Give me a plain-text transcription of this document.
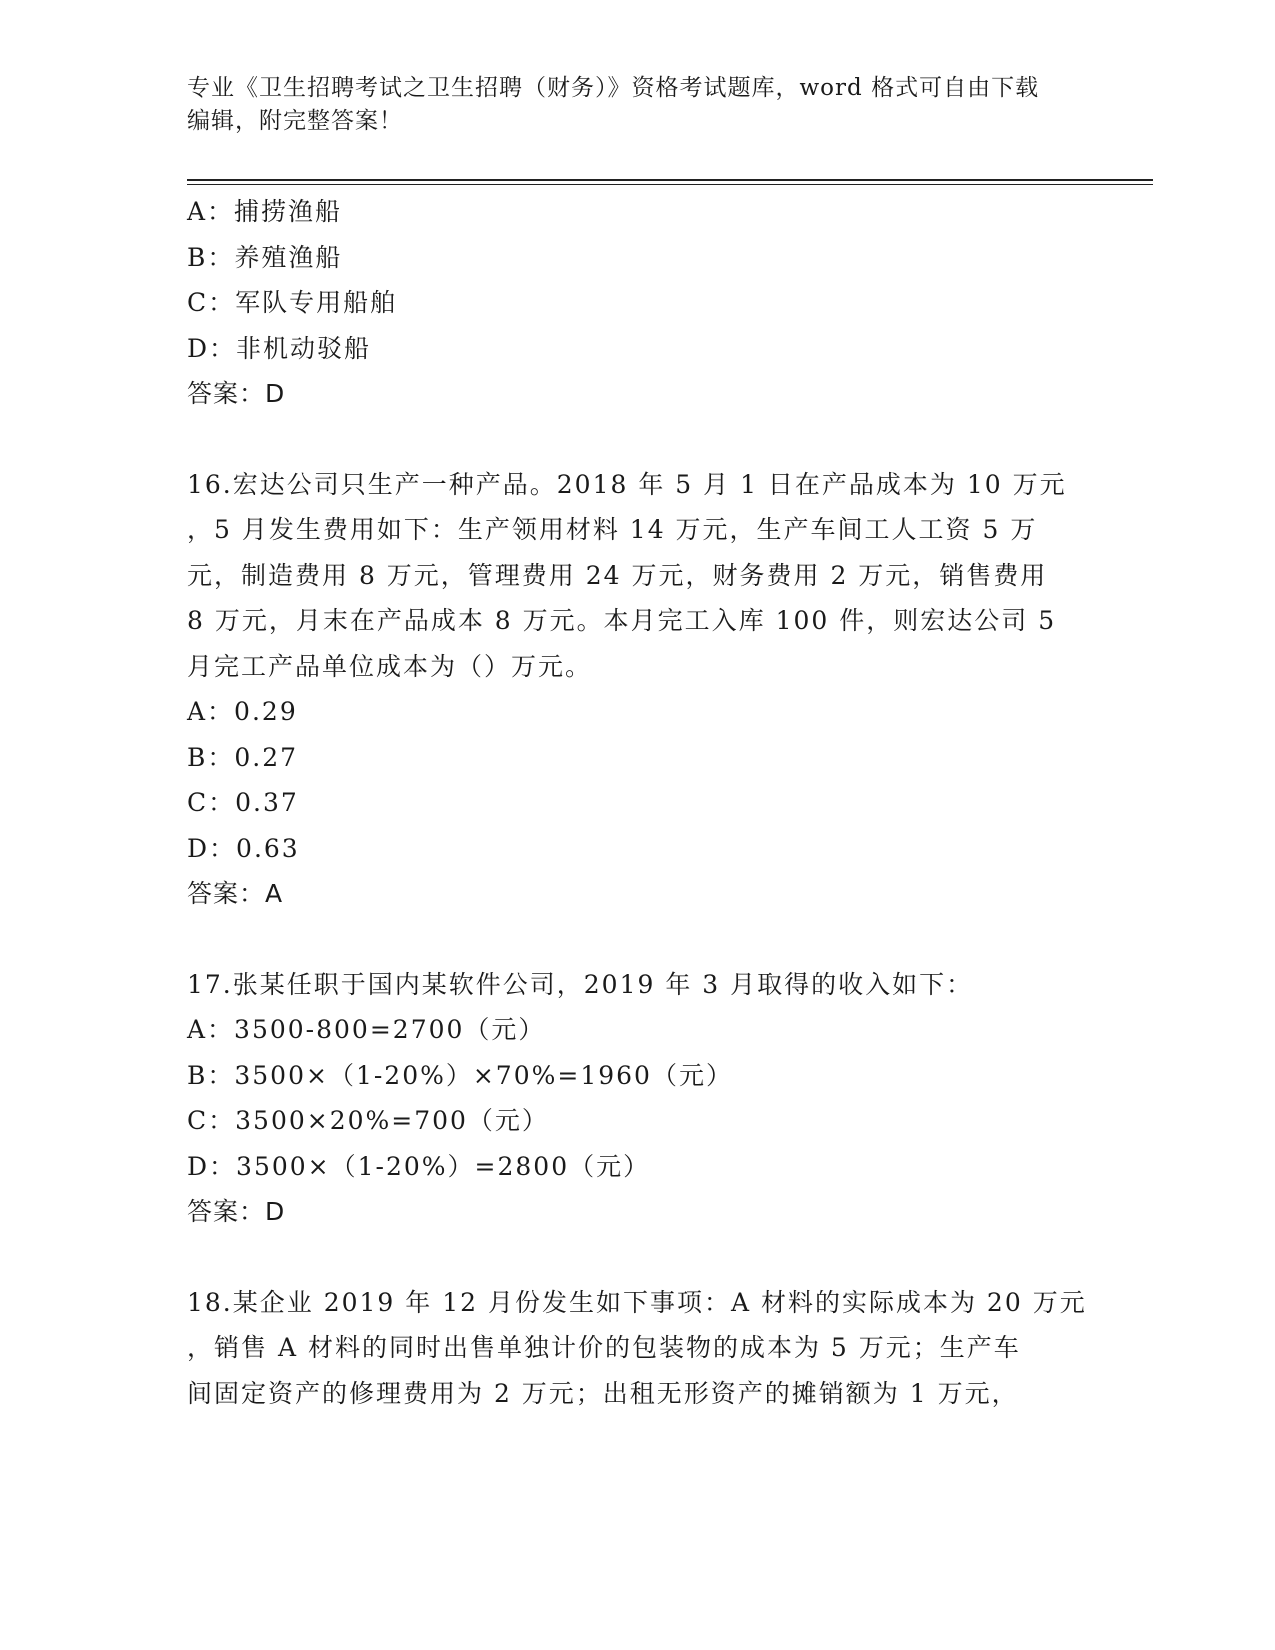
专业《卫生招聘考试之卫生招聘（财务）》资格考试题库，word 格式可自由下载
编辑，附完整答案！
A：捕捞渔船
B：养殖渔船
C：军队专用船舶
D：非机动驳船
答案：D
16.宏达公司只生产一种产品。2018 年 5 月 1 日在产品成本为 10 万元
，5 月发生费用如下：生产领用材料 14 万元，生产车间工人工资 5 万
元，制造费用 8 万元，管理费用 24 万元，财务费用 2 万元，销售费用
8 万元，月末在产品成本 8 万元。本月完工入库 100 件，则宏达公司 5
月完工产品单位成本为（）万元。
A：0.29
B：0.27
C：0.37
D：0.63
答案：A
17.张某任职于国内某软件公司，2019 年 3 月取得的收入如下：
A：3500-800=2700（元）
B：3500×（1-20%）×70%=1960（元）
C：3500×20%=700（元）
D：3500×（1-20%）=2800（元）
答案：D
18.某企业 2019 年 12 月份发生如下事项：A 材料的实际成本为 20 万元
，销售 A 材料的同时出售单独计价的包装物的成本为 5 万元；生产车
间固定资产的修理费用为 2 万元；出租无形资产的摊销额为 1 万元，
